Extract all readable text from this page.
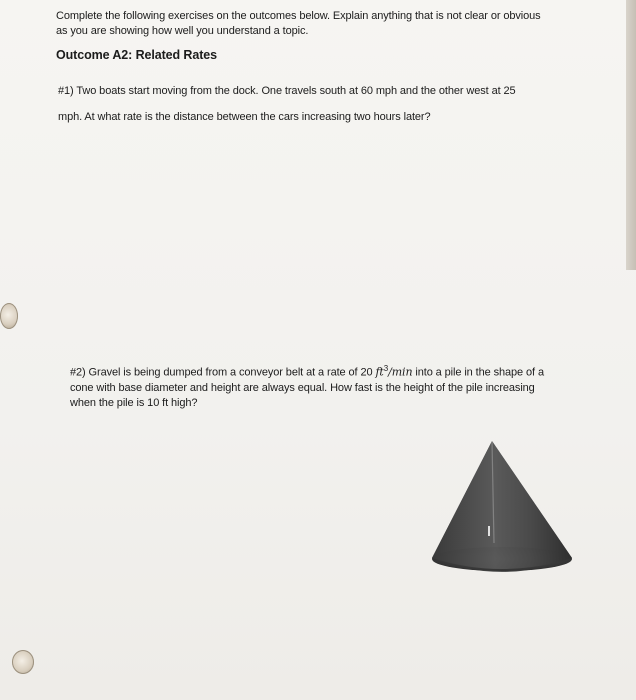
Complete the following exercises on the outcomes below. Explain anything that is not clear or obvious
as you are showing how well you understand a topic.
Outcome A2: Related Rates
#1) Two boats start moving from the dock. One travels south at 60 mph and the other west at 25
mph. At what rate is the distance between the cars increasing two hours later?
#2) Gravel is being dumped from a conveyor belt at a rate of 20 $ft^3/\min$ into a pile in the shape of a cone with base diameter and height are always equal. How fast is the height of the pile increasing when the pile is 10 ft high?
